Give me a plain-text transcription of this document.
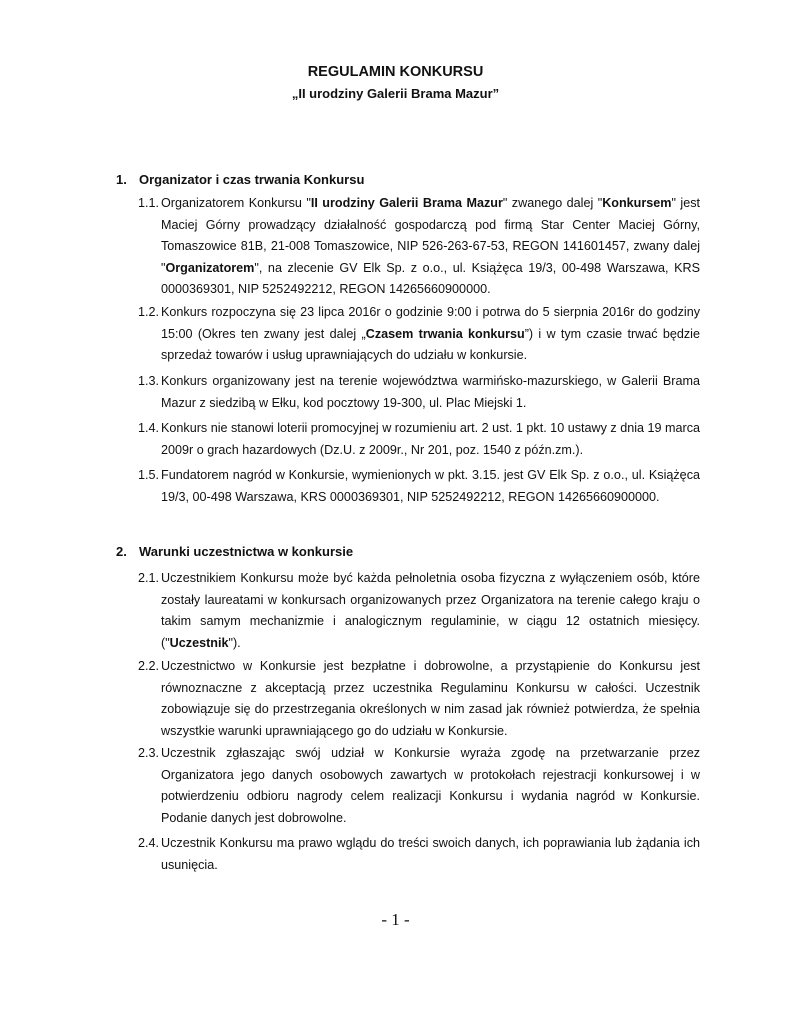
REGULAMIN KONKURSU
„II urodziny Galerii Brama Mazur”
1. Organizator i czas trwania Konkursu
1.1. Organizatorem Konkursu "II urodziny Galerii Brama Mazur" zwanego dalej "Konkursem" jest Maciej Górny prowadzący działalność gospodarczą pod firmą Star Center Maciej Górny, Tomaszowice 81B, 21-008 Tomaszowice, NIP 526-263-67-53, REGON 141601457, zwany dalej "Organizatorem", na zlecenie GV Elk Sp. z o.o., ul. Książęca 19/3, 00-498 Warszawa, KRS 0000369301, NIP 5252492212, REGON 14265660900000.
1.2. Konkurs rozpoczyna się 23 lipca 2016r o godzinie 9:00 i potrwa do 5 sierpnia 2016r do godziny 15:00 (Okres ten zwany jest dalej „Czasem trwania konkursu”) i w tym czasie trwać będzie sprzedaż towarów i usług uprawniających do udziału w konkursie.
1.3. Konkurs organizowany jest na terenie województwa warmińsko-mazurskiego, w Galerii Brama Mazur z siedzibą w Ełku, kod pocztowy 19-300, ul. Plac Miejski 1.
1.4. Konkurs nie stanowi loterii promocyjnej w rozumieniu art. 2 ust. 1 pkt. 10 ustawy z dnia 19 marca 2009r o grach hazardowych (Dz.U. z 2009r., Nr 201, poz. 1540 z późn.zm.).
1.5. Fundatorem nagród w Konkursie, wymienionych w pkt. 3.15. jest GV Elk Sp. z o.o., ul. Książęca 19/3, 00-498 Warszawa, KRS 0000369301, NIP 5252492212, REGON 14265660900000.
2. Warunki uczestnictwa w konkursie
2.1. Uczestnikiem Konkursu może być każda pełnoletnia osoba fizyczna z wyłączeniem osób, które zostały laureatami w konkursach organizowanych przez Organizatora na terenie całego kraju o takim samym mechanizmie i analogicznym regulaminie, w ciągu 12 ostatnich miesięcy. ("Uczestnik").
2.2. Uczestnictwo w Konkursie jest bezpłatne i dobrowolne, a przystąpienie do Konkursu jest równoznaczne z akceptacją przez uczestnika Regulaminu Konkursu w całości. Uczestnik zobowiązuje się do przestrzegania określonych w nim zasad jak również potwierdza, że spełnia wszystkie warunki uprawniającego go do udziału w Konkursie.
2.3. Uczestnik zgłaszając swój udział w Konkursie wyraża zgodę na przetwarzanie przez Organizatora jego danych osobowych zawartych w protokołach rejestracji konkursowej i w potwierdzeniu odbioru nagrody celem realizacji Konkursu i wydania nagród w Konkursie. Podanie danych jest dobrowolne.
2.4. Uczestnik Konkursu ma prawo wglądu do treści swoich danych, ich poprawiania lub żądania ich usunięcia.
- 1 -
